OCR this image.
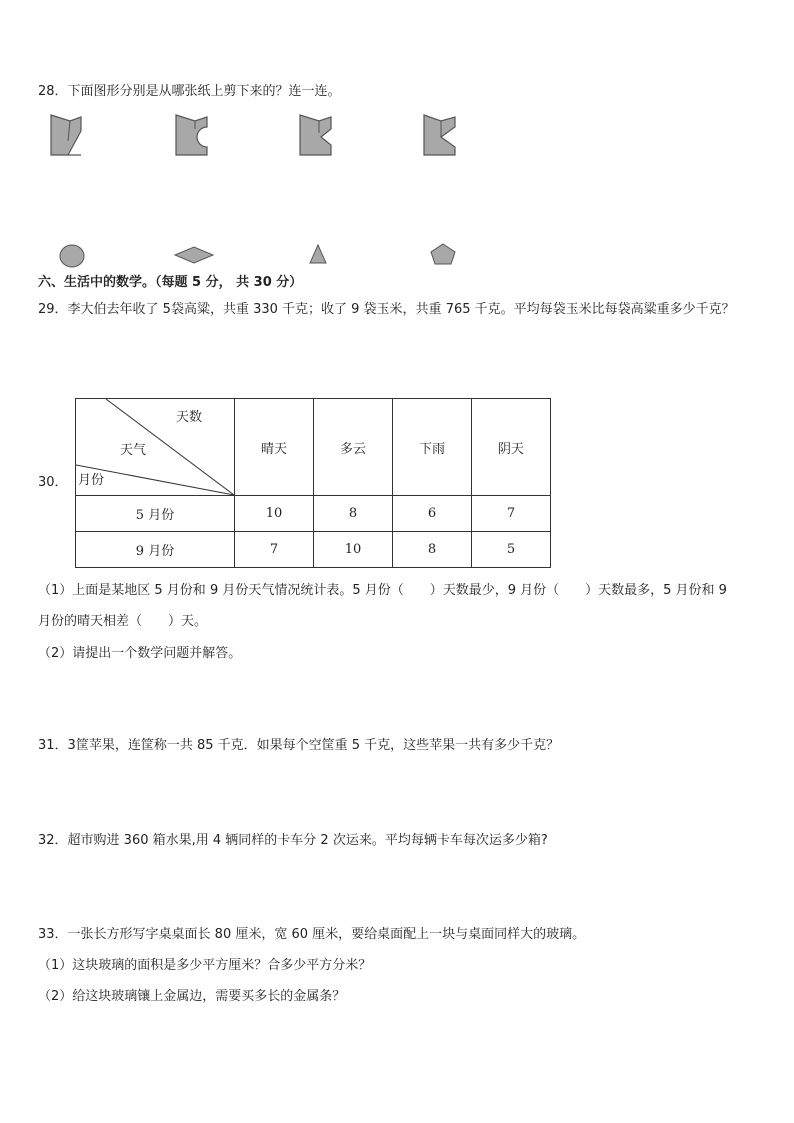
28．下面图形分别是从哪张纸上剪下来的？连一连。
六、生活中的数学。（每题 5 分， 共 30 分）
29．李大伯去年收了 5袋高粱，共重 330 千克；收了 9 袋玉米，共重 765 千克。平均每袋玉米比每袋高粱重多少千克？
30．
天数
天气
月份	晴天	多云	下雨	阴天
5 月份	10	8	6	7
9 月份	7	10	8	5
（1）上面是某地区 5 月份和 9 月份天气情况统计表。5 月份（　　）天数最少，9 月份（　　）天数最多，5 月份和 9
月份的晴天相差（　　）天。
（2）请提出一个数学问题并解答。
31．3筐苹果，连筐称一共 85 千克．如果每个空筐重 5 千克，这些苹果一共有多少千克？
32．超市购进 360 箱水果,用 4 辆同样的卡车分 2 次运来。平均每辆卡车每次运多少箱?
33．一张长方形写字桌桌面长 80 厘米，宽 60 厘米，要给桌面配上一块与桌面同样大的玻璃。
（1）这块玻璃的面积是多少平方厘米？合多少平方分米？
（2）给这块玻璃镶上金属边，需要买多长的金属条？
